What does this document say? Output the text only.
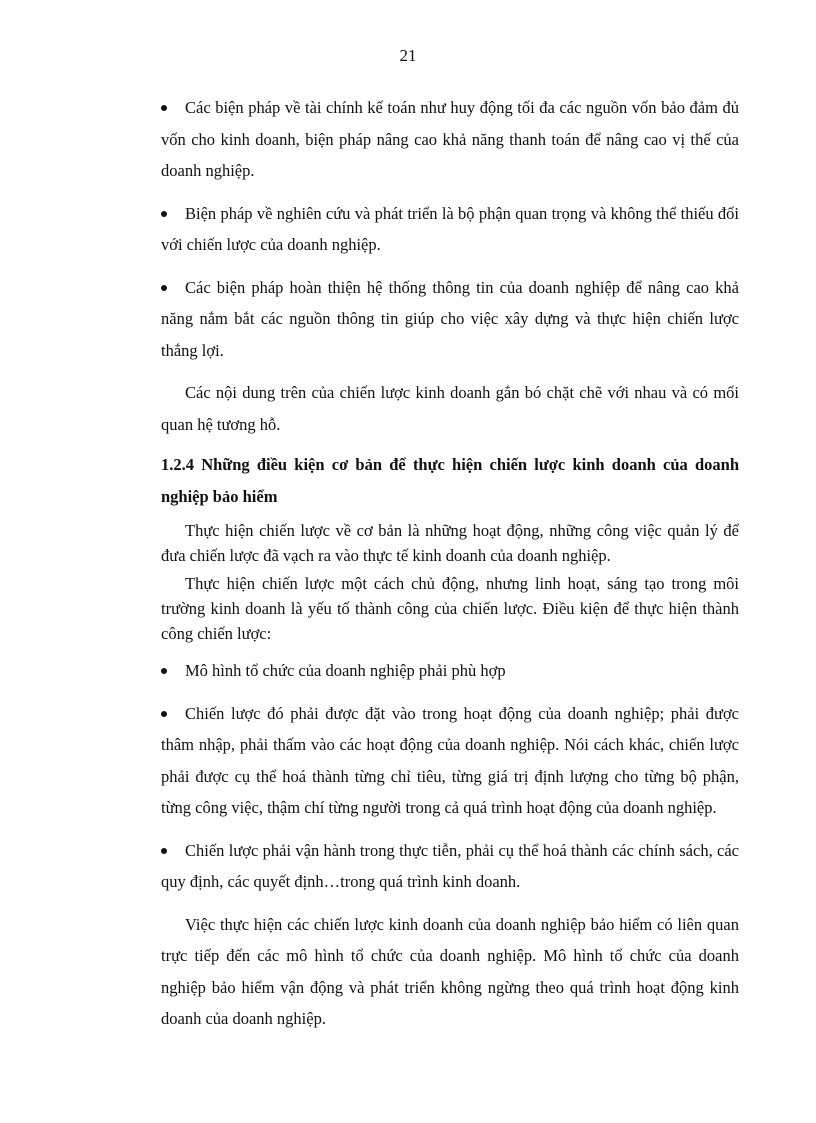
21

Các biện pháp về tài chính kế toán như huy động tối đa các nguồn vốn bảo đảm đủ vốn cho kinh doanh, biện pháp nâng cao khả năng thanh toán để nâng cao vị thế của doanh nghiệp.

Biện pháp về nghiên cứu và phát triển là bộ phận quan trọng và không thể thiếu đối với chiến lược của doanh nghiệp.

Các biện pháp hoàn thiện hệ thống thông tin của doanh nghiệp để nâng cao khả năng nắm bắt các nguồn thông tin giúp cho việc xây dựng và thực hiện chiến lược thắng lợi.

Các nội dung trên của chiến lược kinh doanh gắn bó chặt chẽ với nhau và có mối quan hệ tương hỗ.

1.2.4 Những điều kiện cơ bản để thực hiện chiến lược kinh doanh của doanh nghiệp bảo hiểm

Thực hiện chiến lược về cơ bản là những hoạt động, những công việc quản lý để đưa chiến lược đã vạch ra vào thực tế kinh doanh của doanh nghiệp.

Thực hiện chiến lược một cách chủ động, nhưng linh hoạt, sáng tạo trong môi trường kinh doanh là yếu tố thành công của chiến lược. Điều kiện để thực hiện thành công chiến lược:

Mô hình tổ chức của doanh nghiệp phải phù hợp

Chiến lược đó phải được đặt vào trong hoạt động của doanh nghiệp; phải được thâm nhập, phải thấm vào các hoạt động của doanh nghiệp. Nói cách khác, chiến lược phải được cụ thể hoá thành từng chỉ tiêu, từng giá trị định lượng cho từng bộ phận, từng công việc, thậm chí từng người trong cả quá trình hoạt động của doanh nghiệp.

Chiến lược phải vận hành trong thực tiễn, phải cụ thể hoá thành các chính sách, các quy định, các quyết định…trong quá trình kinh doanh.

Việc thực hiện các chiến lược kinh doanh của doanh nghiệp bảo hiểm có liên quan trực tiếp đến các mô hình tổ chức của doanh nghiệp. Mô hình tổ chức của doanh nghiệp bảo hiểm vận động và phát triển không ngừng theo quá trình hoạt động kinh doanh của doanh nghiệp.
